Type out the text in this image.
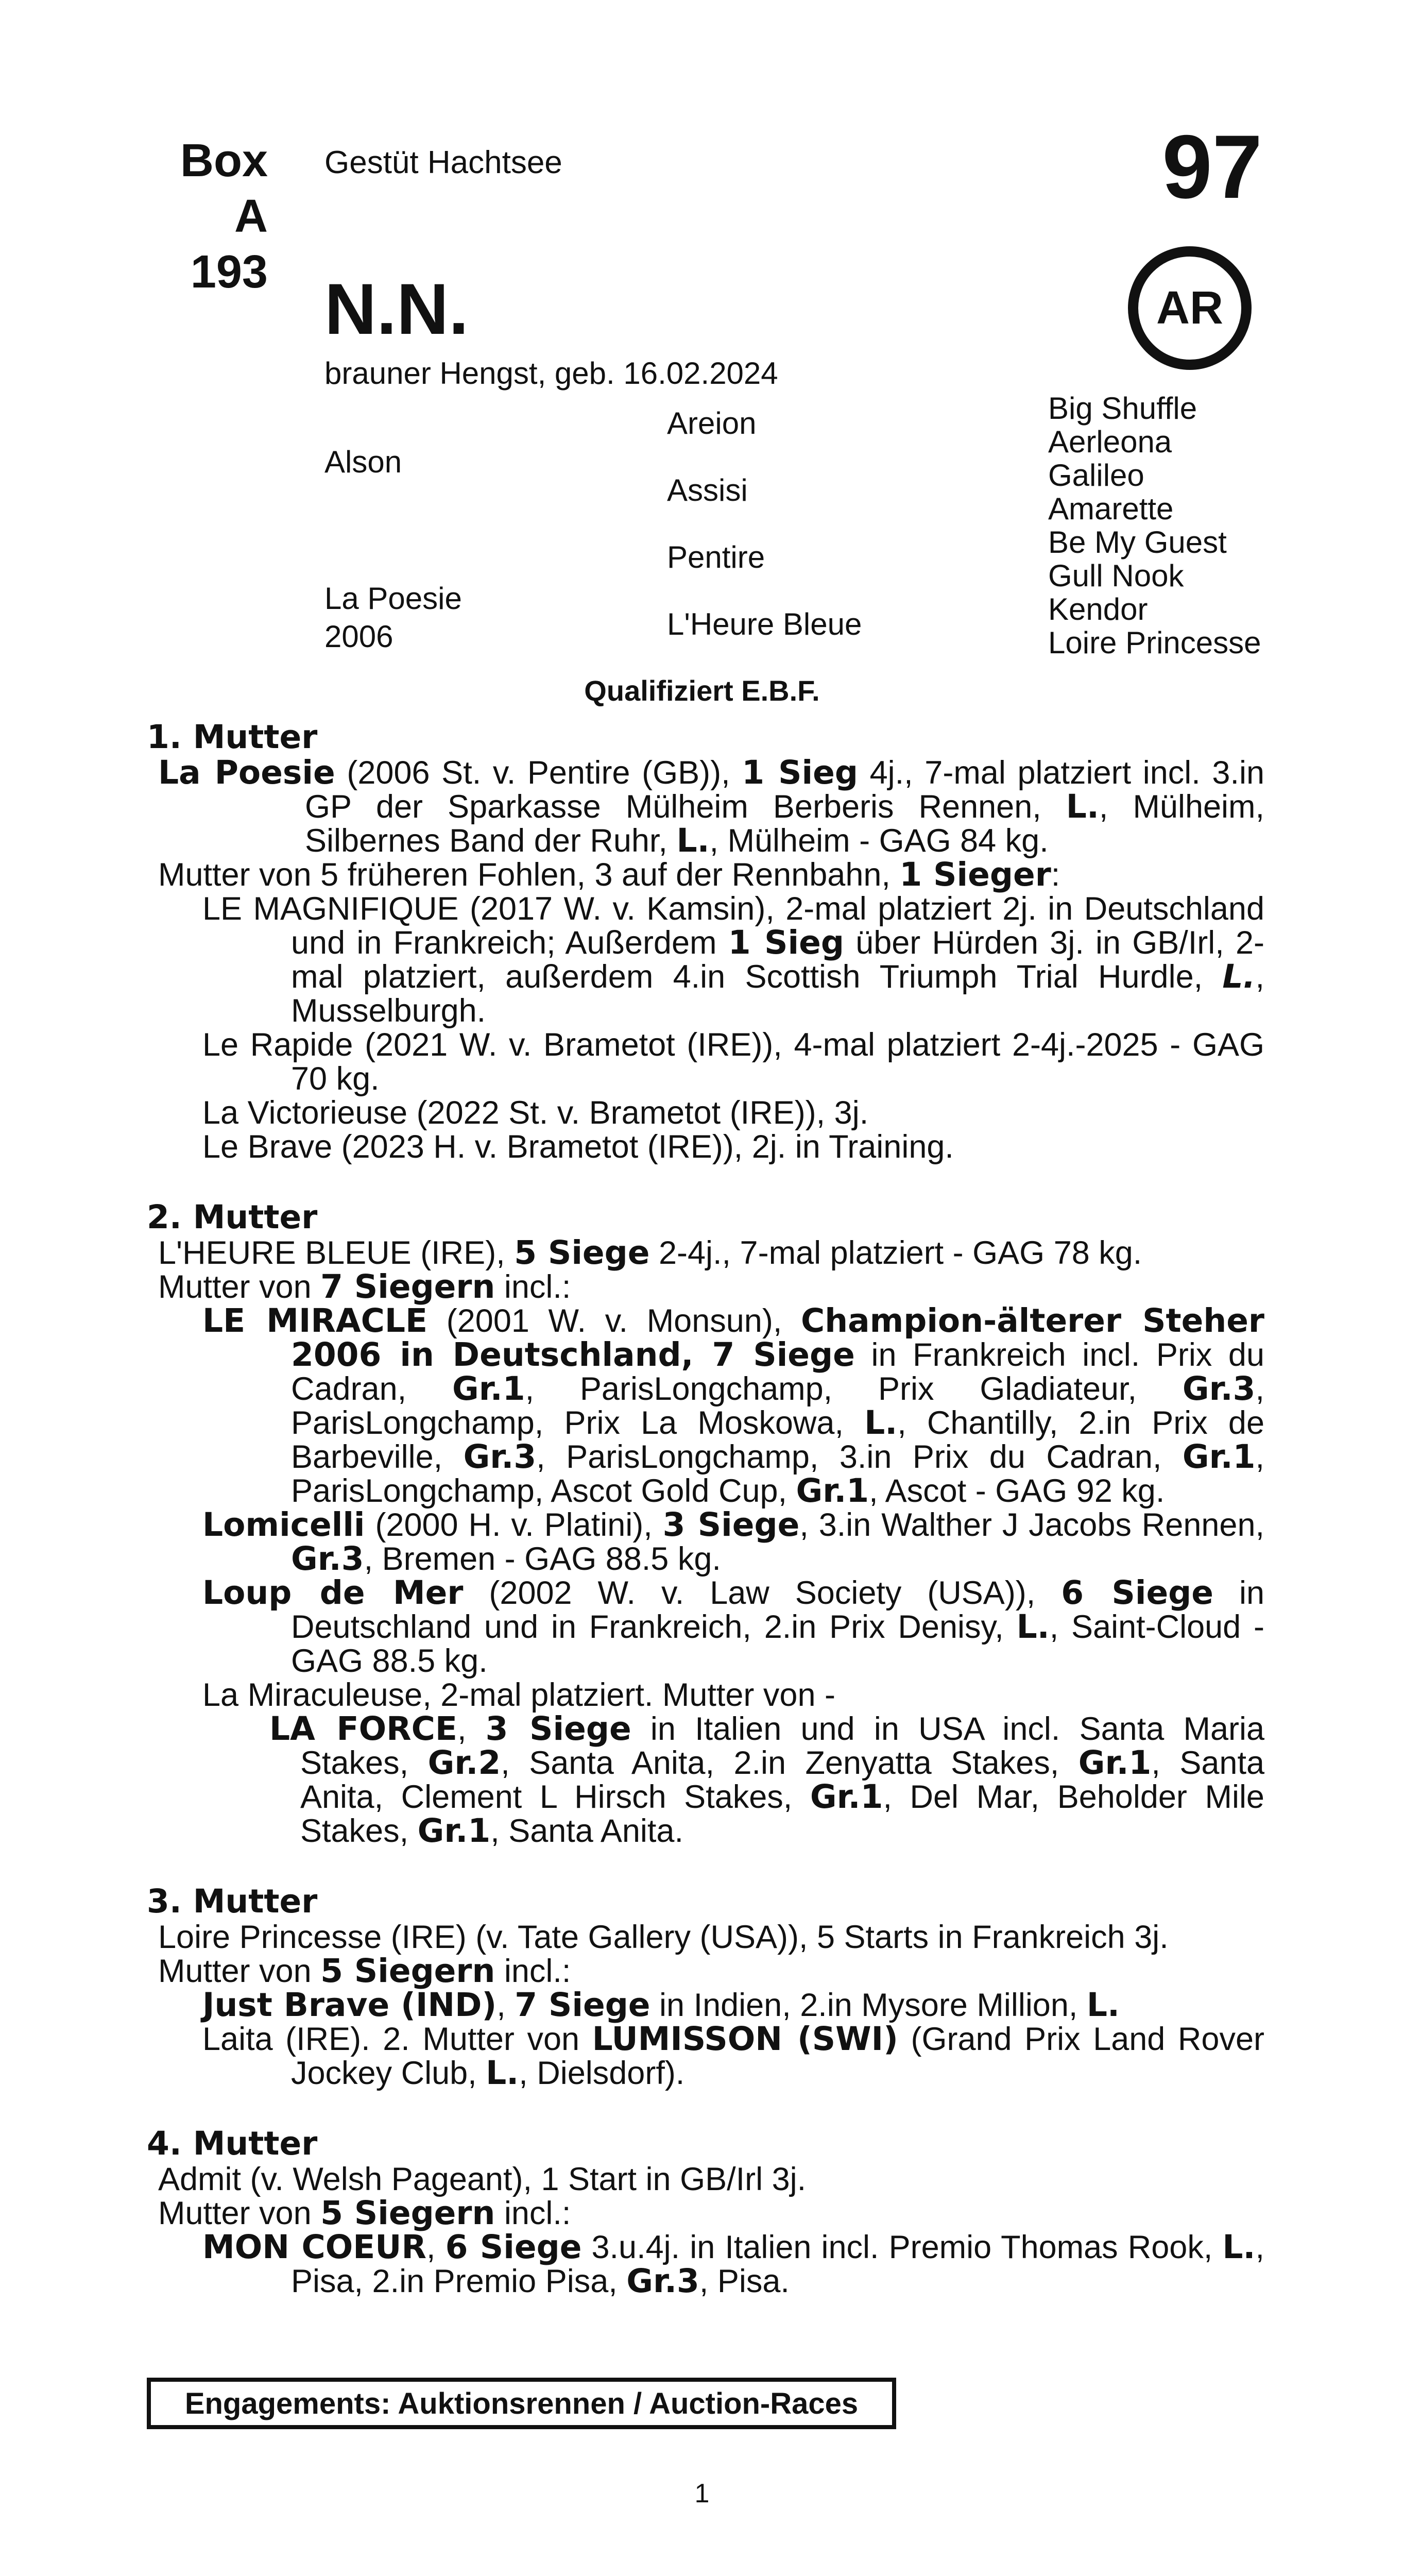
Box
A 193
Gestüt Hachtsee	97
AR
N.N.
brauner Hengst, geb. 16.02.2024
Alson
La Poesie
2006
Areion
Assisi
Pentire
L'Heure Bleue
Big Shuffle
Aerleona
Galileo
Amarette
Be My Guest
Gull Nook
Kendor
Loire Princesse
Qualifiziert E.B.F.
1. Mutter
La Poesie (2006 St. v. Pentire (GB)), 1 Sieg 4j., 7-mal platziert incl. 3.in GP der Sparkasse Mülheim Berberis Rennen, L., Mülheim, Silbernes Band der Ruhr, L., Mülheim - GAG 84 kg.
Mutter von 5 früheren Fohlen, 3 auf der Rennbahn, 1 Sieger:
LE MAGNIFIQUE (2017 W. v. Kamsin), 2-mal platziert 2j. in Deutschland und in Frankreich; Außerdem 1 Sieg über Hürden 3j. in GB/Irl, 2-mal platziert, außerdem 4.in Scottish Triumph Trial Hurdle, L., Musselburgh.
Le Rapide (2021 W. v. Brametot (IRE)), 4-mal platziert 2-4j.-2025 - GAG 70 kg.
La Victorieuse (2022 St. v. Brametot (IRE)), 3j.
Le Brave (2023 H. v. Brametot (IRE)), 2j. in Training.
2. Mutter
L'HEURE BLEUE (IRE), 5 Siege 2-4j., 7-mal platziert - GAG 78 kg.
Mutter von 7 Siegern incl.:
LE MIRACLE (2001 W. v. Monsun), Champion-älterer Steher 2006 in Deutschland, 7 Siege in Frankreich incl. Prix du Cadran, Gr.1, ParisLongchamp, Prix Gladiateur, Gr.3, ParisLongchamp, Prix La Moskowa, L., Chantilly, 2.in Prix de Barbeville, Gr.3, ParisLongchamp, 3.in Prix du Cadran, Gr.1, ParisLongchamp, Ascot Gold Cup, Gr.1, Ascot - GAG 92 kg.
Lomicelli (2000 H. v. Platini), 3 Siege, 3.in Walther J Jacobs Rennen, Gr.3, Bremen - GAG 88.5 kg.
Loup de Mer (2002 W. v. Law Society (USA)), 6 Siege in Deutschland und in Frankreich, 2.in Prix Denisy, L., Saint-Cloud - GAG 88.5 kg.
La Miraculeuse, 2-mal platziert. Mutter von -
LA FORCE, 3 Siege in Italien und in USA incl. Santa Maria Stakes, Gr.2, Santa Anita, 2.in Zenyatta Stakes, Gr.1, Santa Anita, Clement L Hirsch Stakes, Gr.1, Del Mar, Beholder Mile Stakes, Gr.1, Santa Anita.
3. Mutter
Loire Princesse (IRE) (v. Tate Gallery (USA)), 5 Starts in Frankreich 3j.
Mutter von 5 Siegern incl.:
Just Brave (IND), 7 Siege in Indien, 2.in Mysore Million, L.
Laita (IRE). 2. Mutter von LUMISSON (SWI) (Grand Prix Land Rover Jockey Club, L., Dielsdorf).
4. Mutter
Admit (v. Welsh Pageant), 1 Start in GB/Irl 3j.
Mutter von 5 Siegern incl.:
MON COEUR, 6 Siege 3.u.4j. in Italien incl. Premio Thomas Rook, L., Pisa, 2.in Premio Pisa, Gr.3, Pisa.
Engagements: Auktionsrennen / Auction-Races
1
